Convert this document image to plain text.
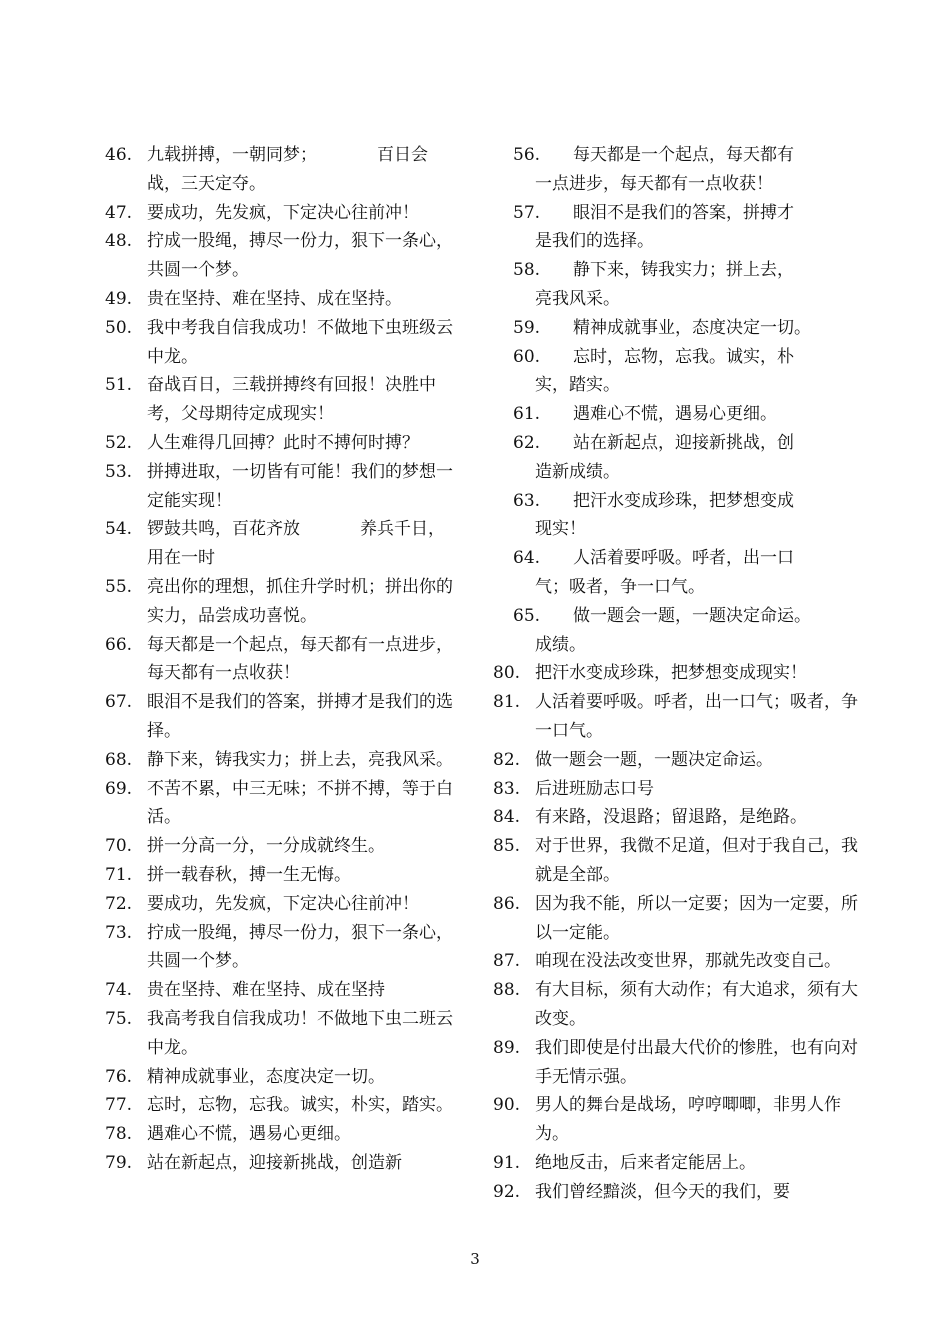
46. 九载拼搏，一朝同梦；	百日会战，三天定夺。
47. 要成功，先发疯，下定决心往前冲！
48. 拧成一股绳，搏尽一份力，狠下一条心，共圆一个梦。
49. 贵在坚持、难在坚持、成在坚持。
50. 我中考我自信我成功！不做地下虫班级云中龙。
51. 奋战百日，三载拼搏终有回报！决胜中考，父母期待定成现实！
52. 人生难得几回搏？此时不搏何时搏？
53. 拼搏进取，一切皆有可能！我们的梦想一定能实现！
54. 锣鼓共鸣，百花齐放	养兵千日，用在一时
55. 亮出你的理想，抓住升学时机；拼出你的实力，品尝成功喜悦。
66. 每天都是一个起点，每天都有一点进步，每天都有一点收获！
67. 眼泪不是我们的答案，拼搏才是我们的选择。
68. 静下来，铸我实力；拼上去，亮我风采。
69. 不苦不累，中三无味；不拼不搏，等于白活。
70. 拼一分高一分，一分成就终生。
71. 拼一载春秋，搏一生无悔。
72. 要成功，先发疯，下定决心往前冲！
73. 拧成一股绳，搏尽一份力，狠下一条心，共圆一个梦。
74. 贵在坚持、难在坚持、成在坚持
75. 我高考我自信我成功！不做地下虫二班云中龙。
76. 精神成就事业，态度决定一切。
77. 忘时，忘物，忘我。诚实，朴实，踏实。
78. 遇难心不慌，遇易心更细。
79. 站在新起点，迎接新挑战，创造新
56.	每天都是一个起点，每天都有
一点进步，每天都有一点收获！
57.	眼泪不是我们的答案，拼搏才
是我们的选择。
58.	静下来，铸我实力；拼上去，
亮我风采。
59.	精神成就事业，态度决定一切。
60.	忘时，忘物，忘我。诚实，朴
实，踏实。
61.	遇难心不慌，遇易心更细。
62.	站在新起点，迎接新挑战，创
造新成绩。
63.	把汗水变成珍珠，把梦想变成
现实！
64.	人活着要呼吸。呼者，出一口
气；吸者，争一口气。
65.	做一题会一题，一题决定命运。
成绩。
80. 把汗水变成珍珠，把梦想变成现实！
81. 人活着要呼吸。呼者，出一口气；吸者，争一口气。
82. 做一题会一题，一题决定命运。
83. 后进班励志口号
84. 有来路，没退路；留退路，是绝路。
85. 对于世界，我微不足道，但对于我自己，我就是全部。
86. 因为我不能，所以一定要；因为一定要，所以一定能。
87. 咱现在没法改变世界，那就先改变自己。
88. 有大目标，须有大动作；有大追求，须有大改变。
89. 我们即使是付出最大代价的惨胜，也有向对手无情示强。
90. 男人的舞台是战场，哼哼唧唧，非男人作为。
91. 绝地反击，后来者定能居上。
92. 我们曾经黯淡，但今天的我们，要
3
